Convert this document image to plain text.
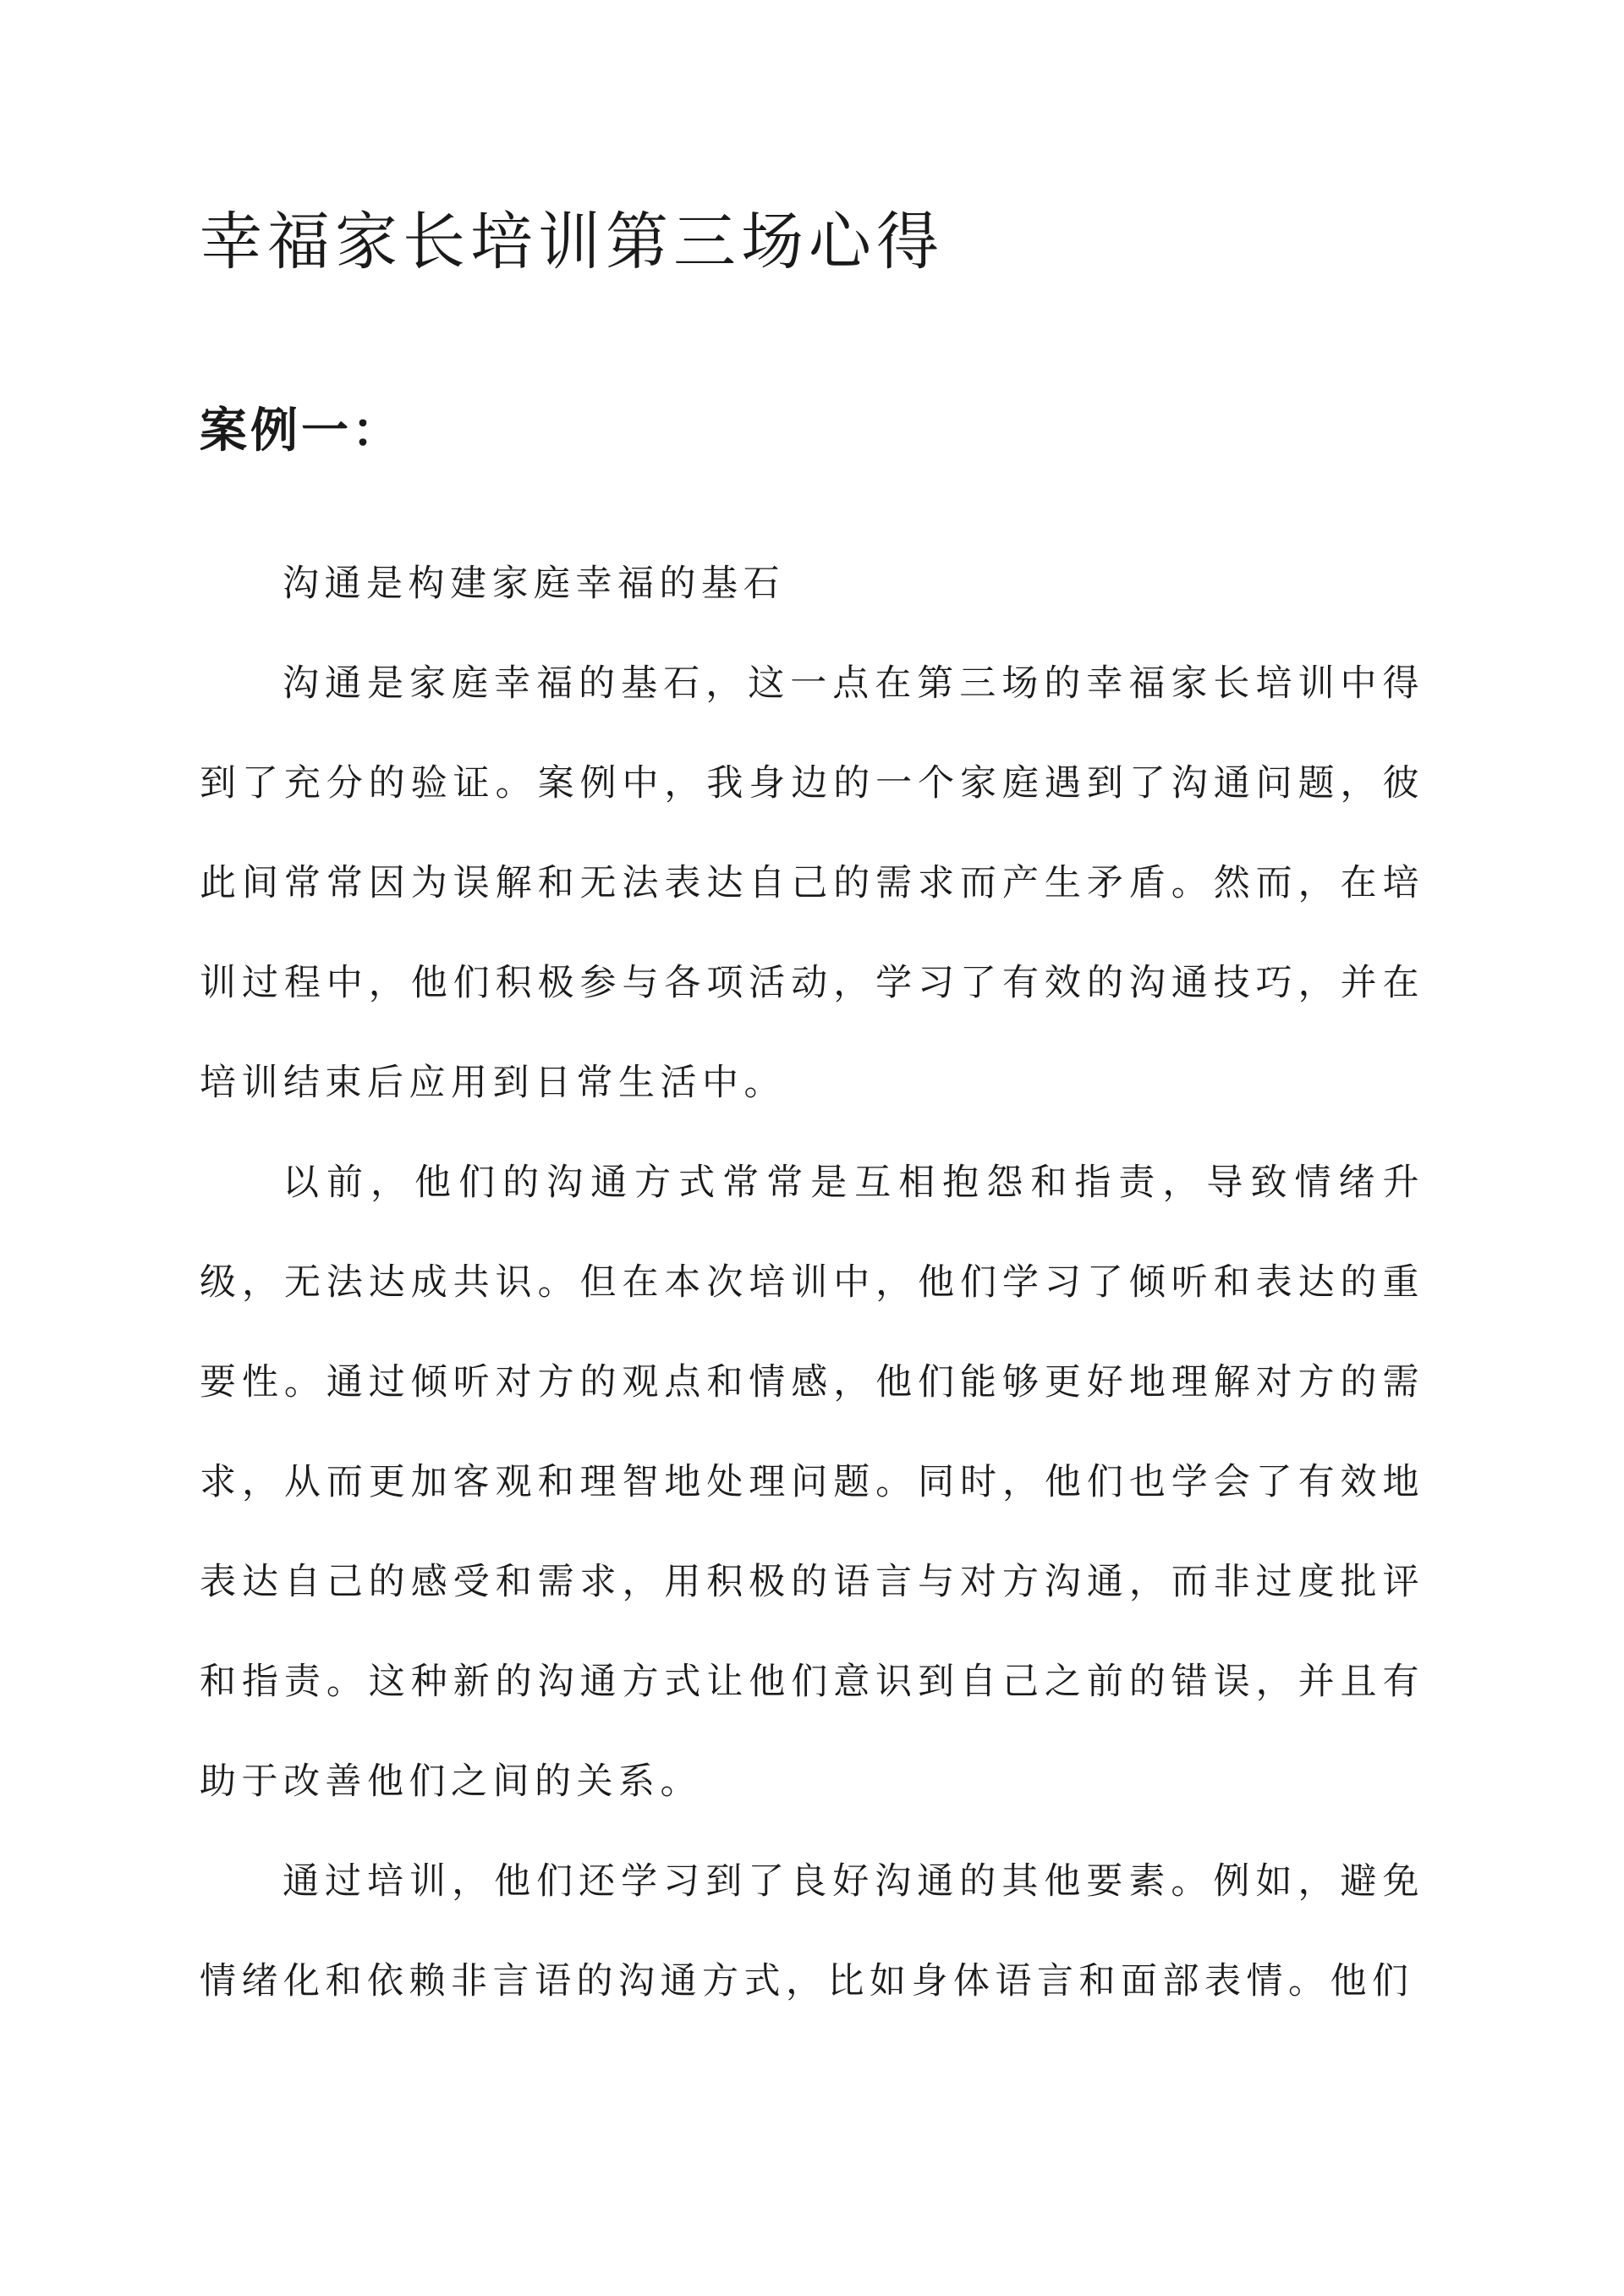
幸福家长培训第三场心得
案例一：

沟通是构建家庭幸福的基石

沟通是家庭幸福的基石，这一点在第三场的幸福家长培训中得到了充分的验证。案例中，我身边的一个家庭遇到了沟通问题，彼此间常常因为误解和无法表达自己的需求而产生矛盾。然而，在培训过程中，他们积极参与各项活动，学习了有效的沟通技巧，并在培训结束后应用到日常生活中。

以前，他们的沟通方式常常是互相抱怨和指责，导致情绪升级，无法达成共识。但在本次培训中，他们学习了倾听和表达的重要性。通过倾听对方的观点和情感，他们能够更好地理解对方的需求，从而更加客观和理智地处理问题。同时，他们也学会了有效地表达自己的感受和需求，用积极的语言与对方沟通，而非过度批评和指责。这种新的沟通方式让他们意识到自己之前的错误，并且有助于改善他们之间的关系。

通过培训，他们还学习到了良好沟通的其他要素。例如，避免情绪化和依赖非言语的沟通方式，比如身体语言和面部表情。他们
